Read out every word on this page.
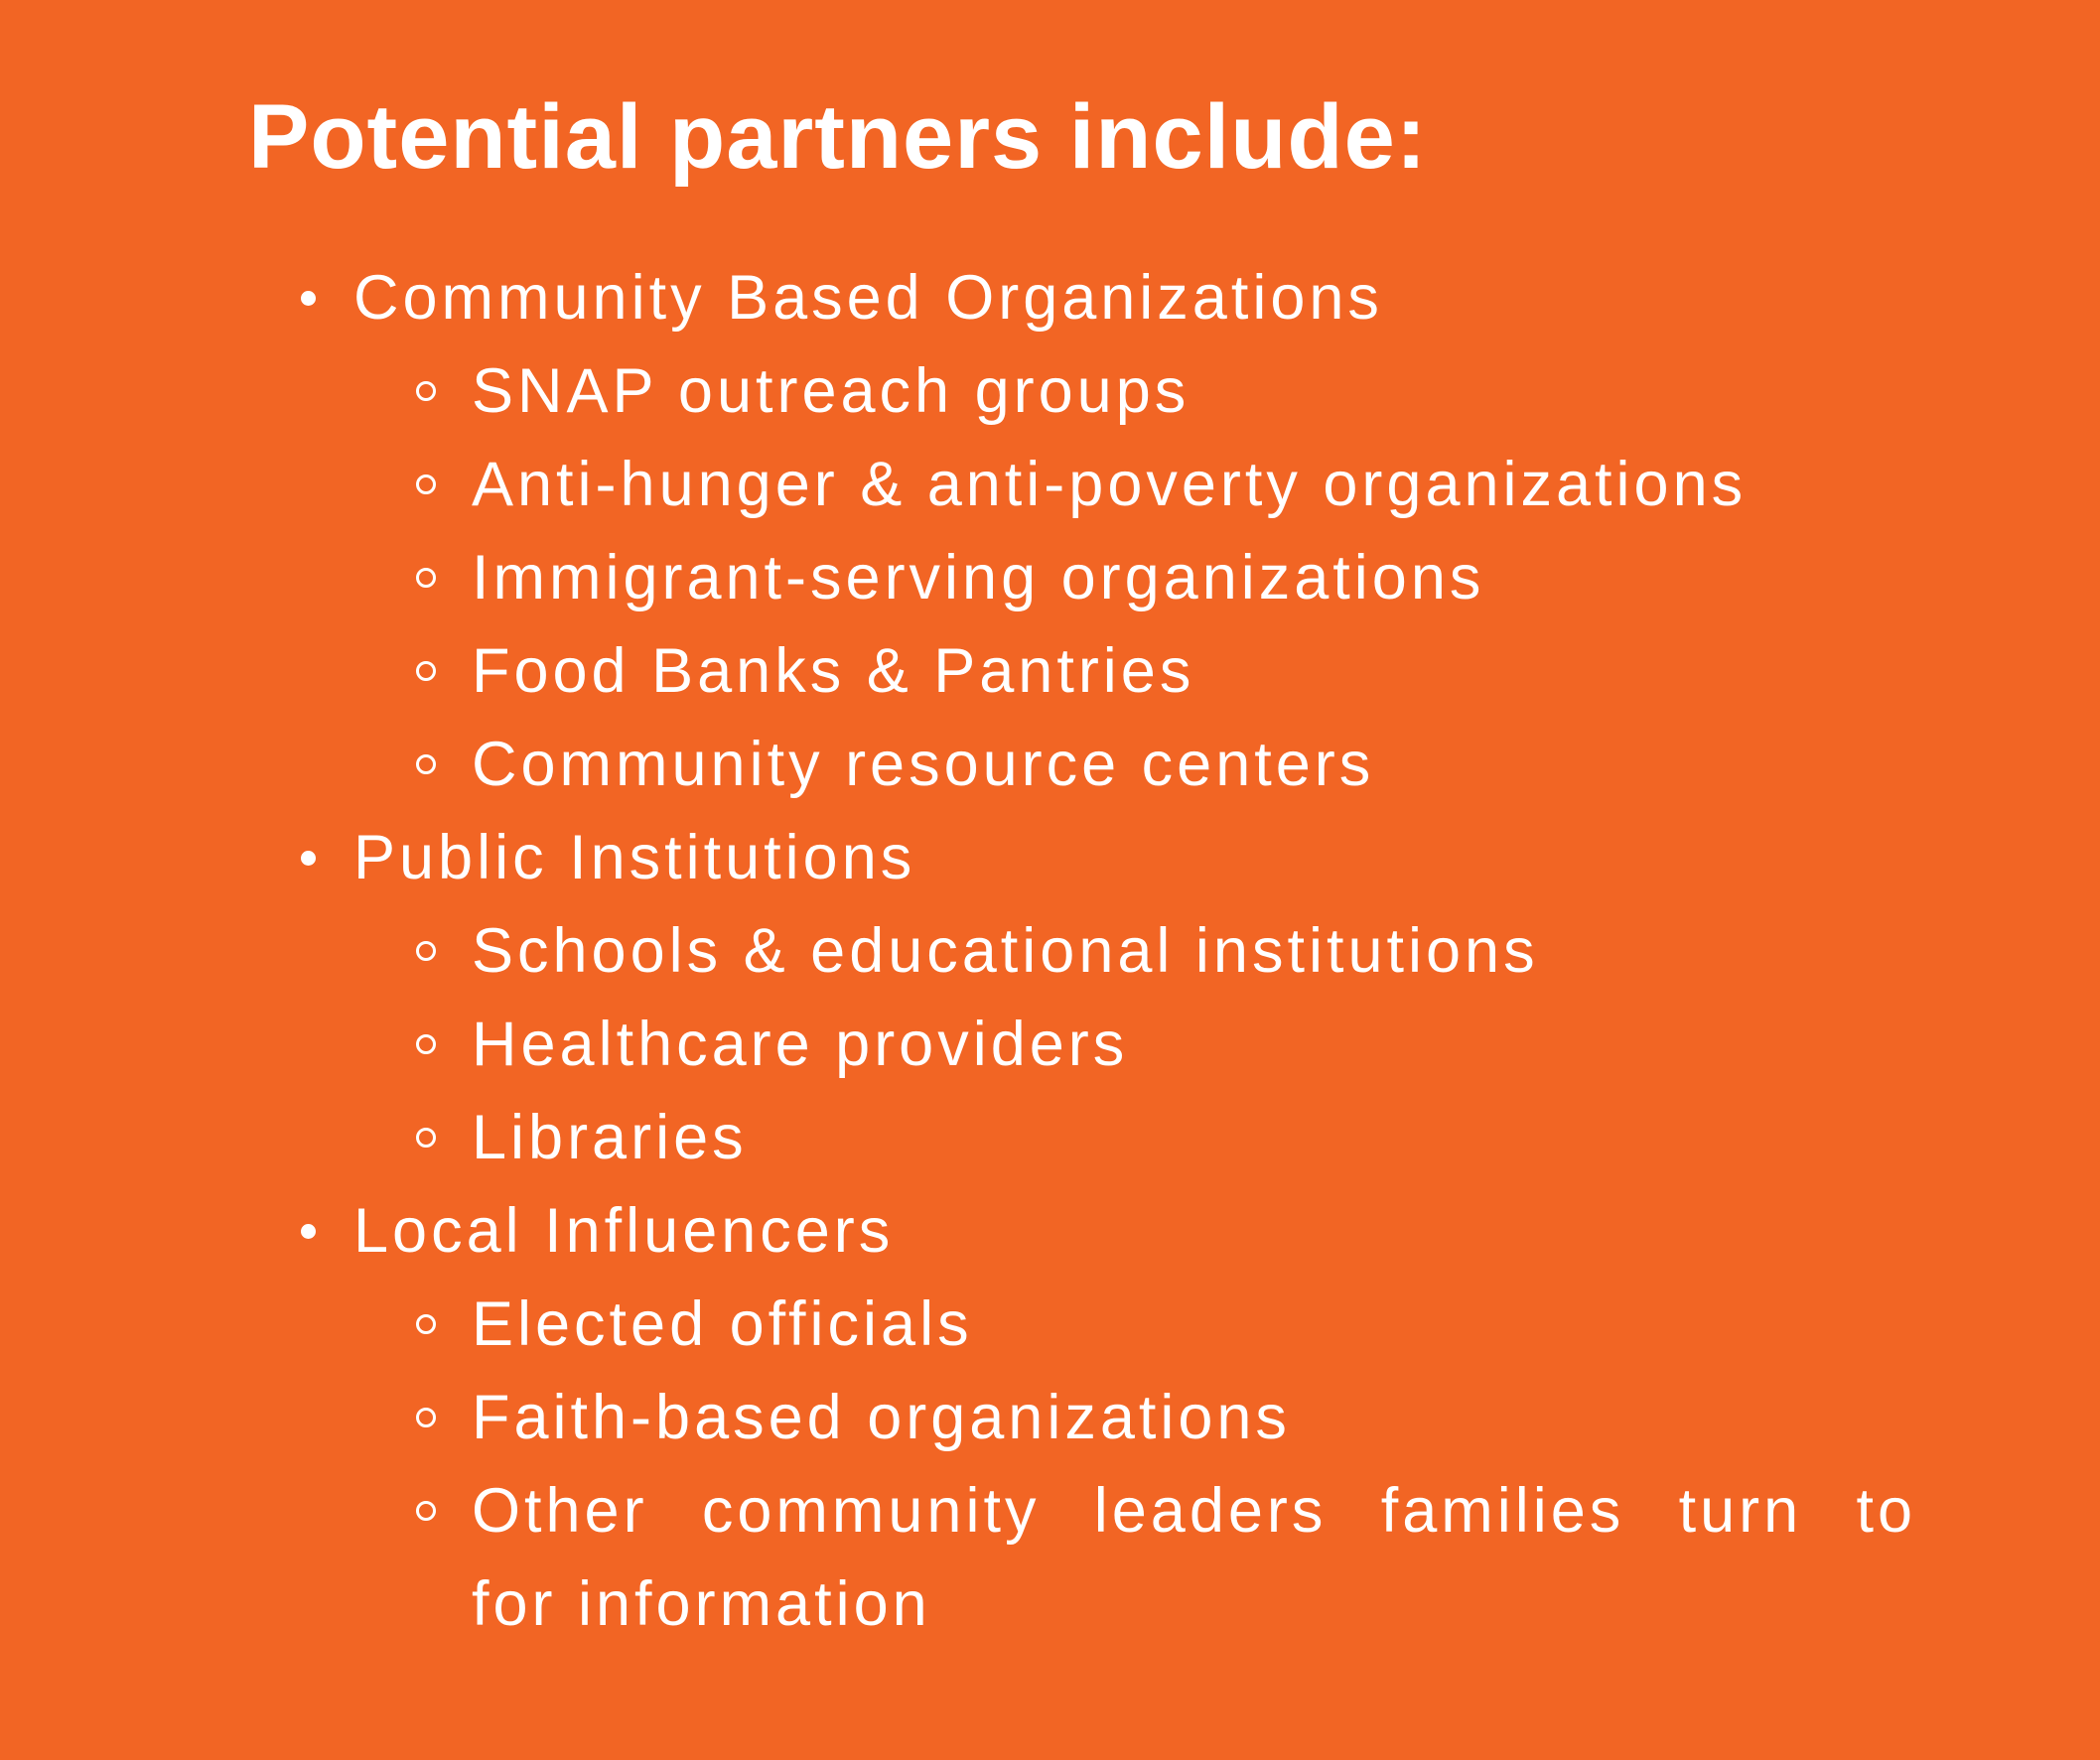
Potential partners include:
Community Based Organizations
SNAP outreach groups
Anti-hunger & anti-poverty organizations
Immigrant-serving organizations
Food Banks & Pantries
Community resource centers
Public Institutions
Schools & educational institutions
Healthcare providers
Libraries
Local Influencers
Elected officials
Faith-based organizations
Other community leaders families turn to
for information
